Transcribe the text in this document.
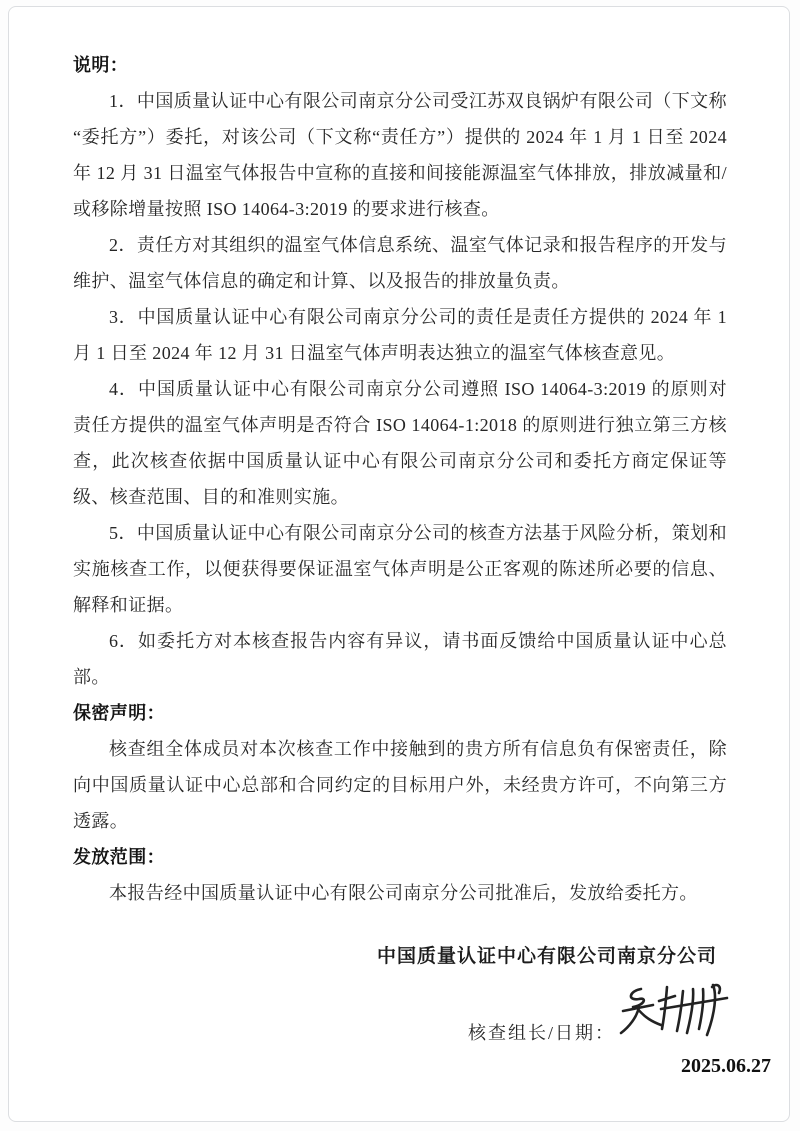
说明：
1．中国质量认证中心有限公司南京分公司受江苏双良锅炉有限公司（下文称“委托方”）委托，对该公司（下文称“责任方”）提供的 2024 年 1 月 1 日至 2024 年 12 月 31 日温室气体报告中宣称的直接和间接能源温室气体排放，排放减量和/或移除增量按照 ISO 14064-3:2019 的要求进行核查。
2．责任方对其组织的温室气体信息系统、温室气体记录和报告程序的开发与维护、温室气体信息的确定和计算、以及报告的排放量负责。
3．中国质量认证中心有限公司南京分公司的责任是责任方提供的 2024 年 1 月 1 日至 2024 年 12 月 31 日温室气体声明表达独立的温室气体核查意见。
4．中国质量认证中心有限公司南京分公司遵照 ISO 14064-3:2019 的原则对责任方提供的温室气体声明是否符合 ISO 14064-1:2018 的原则进行独立第三方核查，此次核查依据中国质量认证中心有限公司南京分公司和委托方商定保证等级、核查范围、目的和准则实施。
5．中国质量认证中心有限公司南京分公司的核查方法基于风险分析，策划和实施核查工作，以便获得要保证温室气体声明是公正客观的陈述所必要的信息、解释和证据。
6．如委托方对本核查报告内容有异议，请书面反馈给中国质量认证中心总部。
保密声明：
核查组全体成员对本次核查工作中接触到的贵方所有信息负有保密责任，除向中国质量认证中心总部和合同约定的目标用户外，未经贵方许可，不向第三方透露。
发放范围：
本报告经中国质量认证中心有限公司南京分公司批准后，发放给委托方。
中国质量认证中心有限公司南京分公司
核查组长/日期：
2025.06.27
